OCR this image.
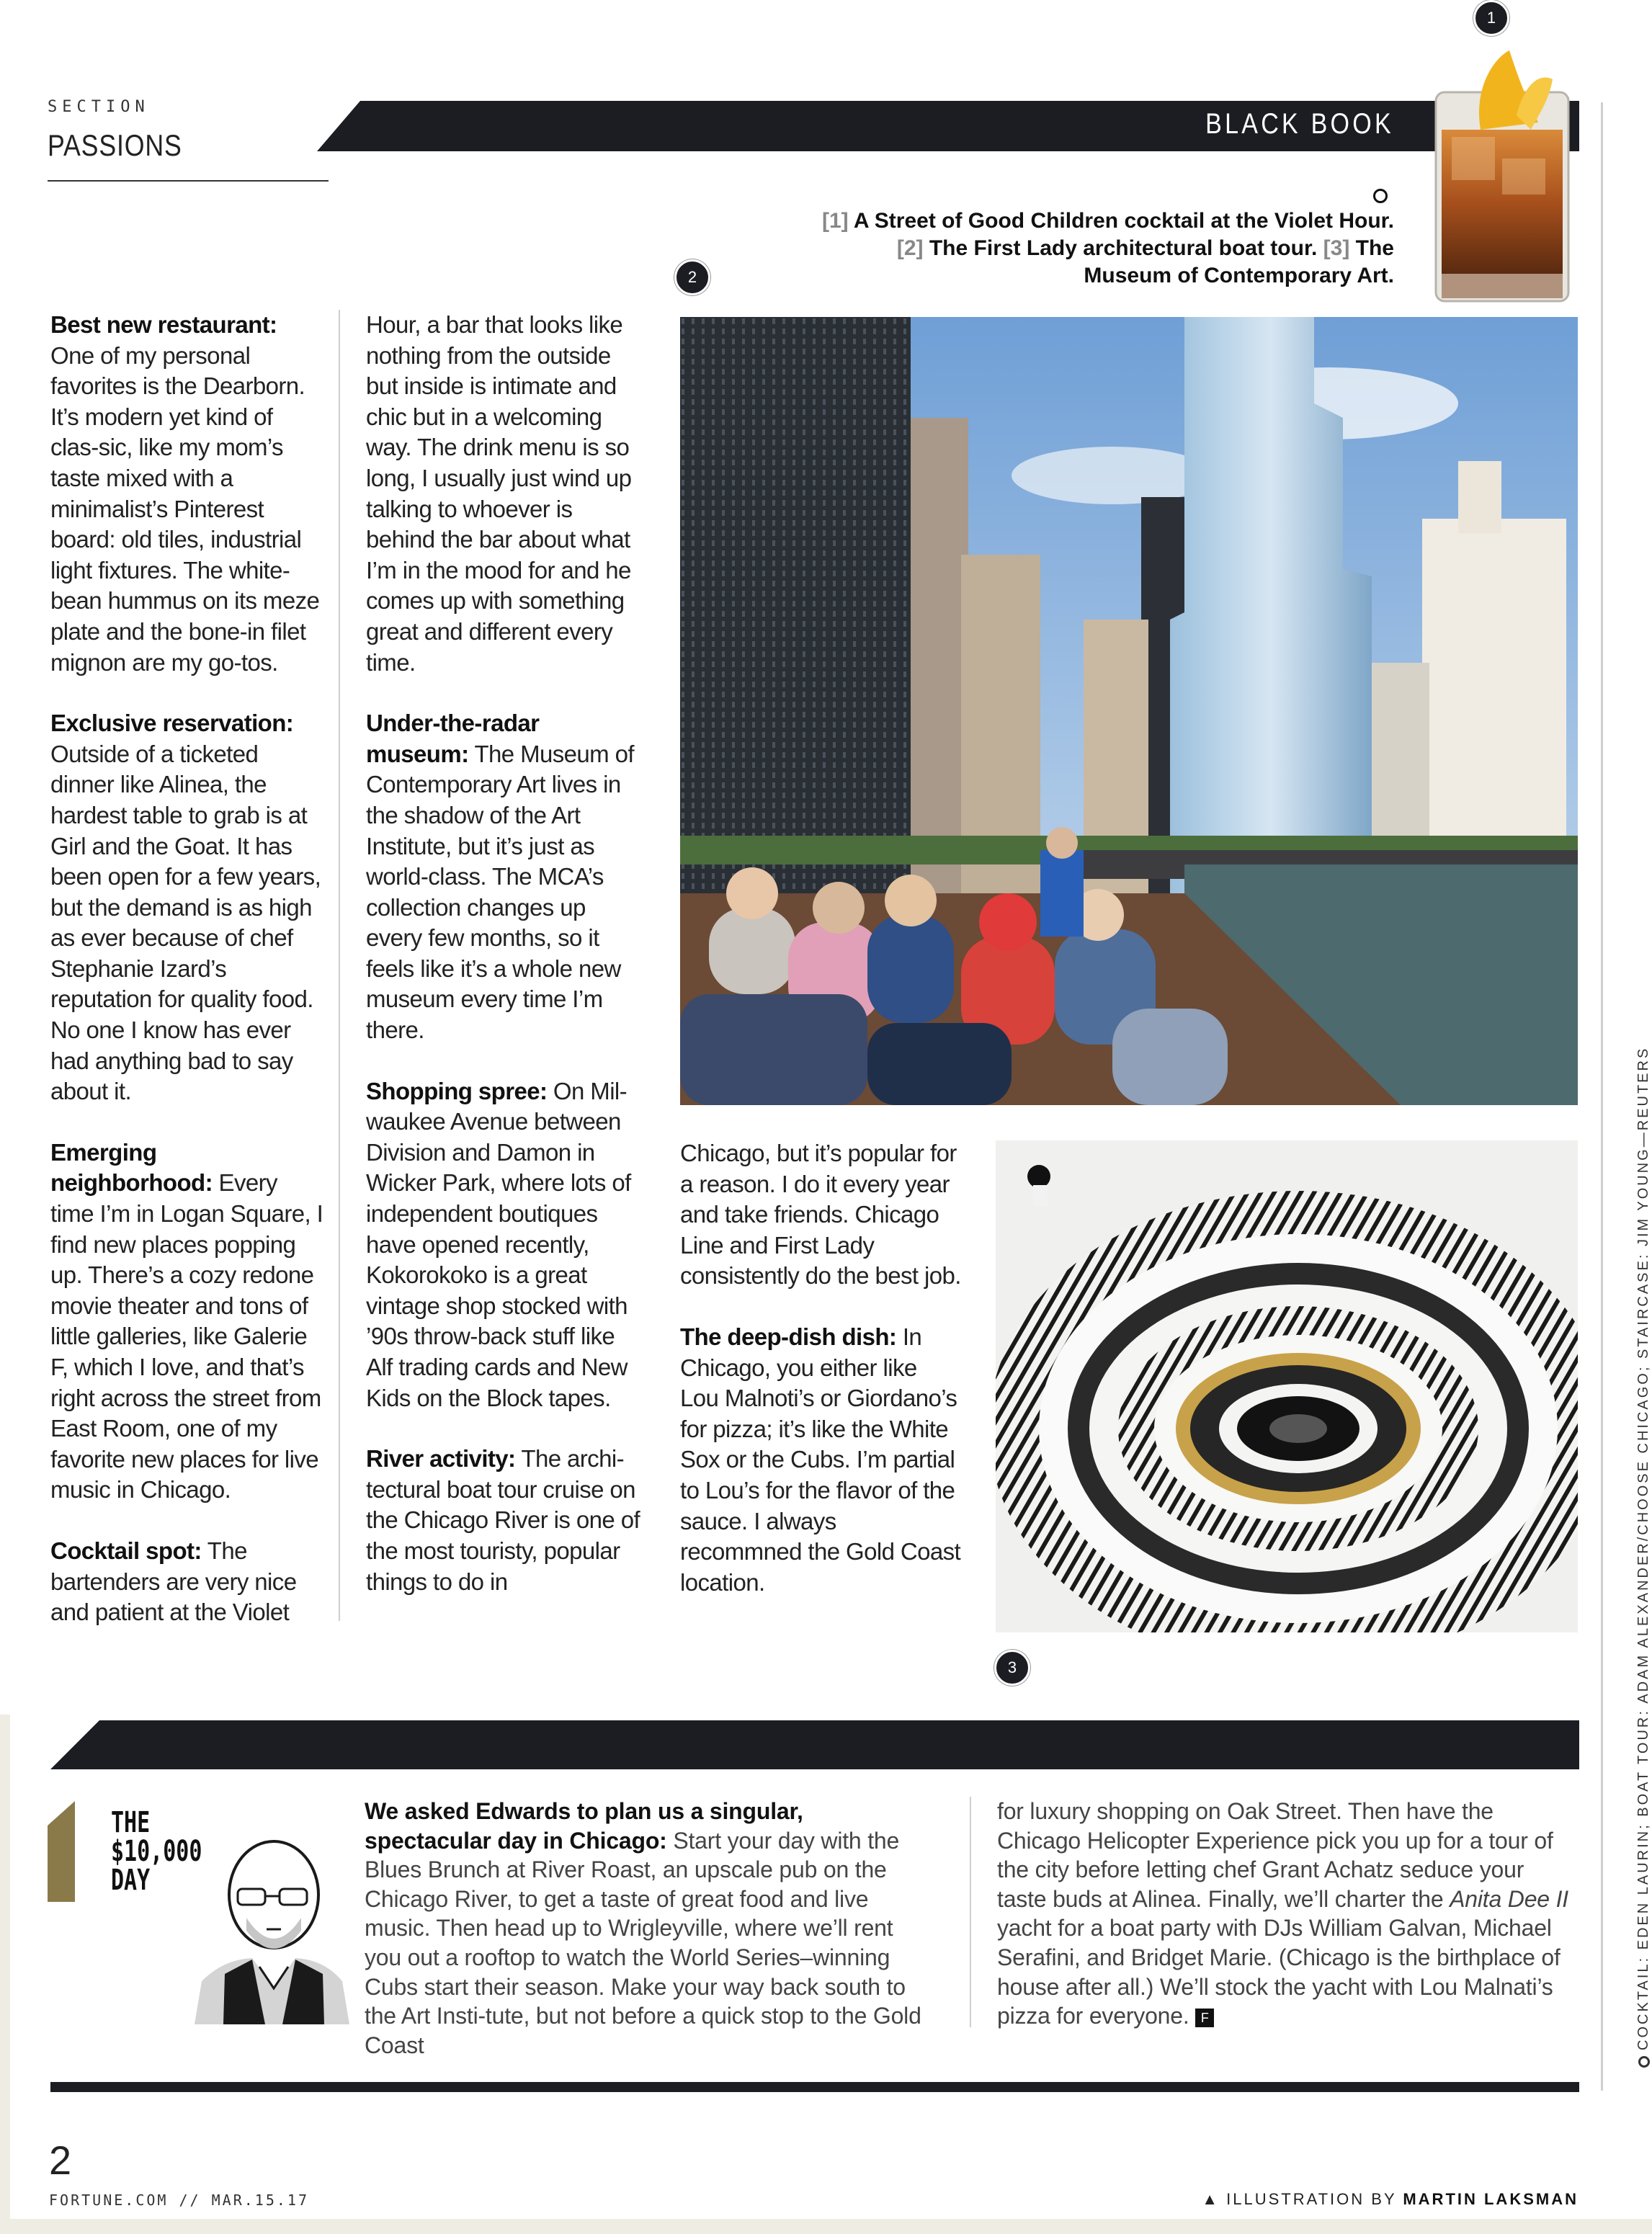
SECTION
PASSIONS
BLACK BOOK
1
[1] A Street of Good Children cocktail at the Violet Hour. [2] The First Lady architectural boat tour. [3] The Museum of Contemporary Art.
2

Best new restaurant: One of my personal favorites is the Dearborn. It’s modern yet kind of clas-sic, like my mom’s taste mixed with a minimalist’s Pinterest board: old tiles, industrial light fixtures. The white-bean hummus on its meze plate and the bone-in filet mignon are my go-tos.

Exclusive reservation: Outside of a ticketed dinner like Alinea, the hardest table to grab is at Girl and the Goat. It has been open for a few years, but the demand is as high as ever because of chef Stephanie Izard’s reputation for quality food. No one I know has ever had anything bad to say about it.

Emerging neighborhood: Every time I’m in Logan Square, I find new places popping up. There’s a cozy redone movie theater and tons of little galleries, like Galerie F, which I love, and that’s right across the street from East Room, one of my favorite new places for live music in Chicago.

Cocktail spot: The bartenders are very nice and patient at the Violet

Hour, a bar that looks like nothing from the outside but inside is intimate and chic but in a welcoming way. The drink menu is so long, I usually just wind up talking to whoever is behind the bar about what I’m in the mood for and he comes up with something great and different every time.

Under-the-radar museum: The Museum of Contemporary Art lives in the shadow of the Art Institute, but it’s just as world-class. The MCA’s collection changes up every few months, so it feels like it’s a whole new museum every time I’m there.

Shopping spree: On Mil-waukee Avenue between Division and Damon in Wicker Park, where lots of independent boutiques have opened recently, Kokorokoko is a great vintage shop stocked with ’90s throw-back stuff like Alf trading cards and New Kids on the Block tapes.

River activity: The archi-tectural boat tour cruise on the Chicago River is one of the most touristy, popular things to do in

Chicago, but it’s popular for a reason. I do it every year and take friends. Chicago Line and First Lady consistently do the best job.

The deep-dish dish: In Chicago, you either like Lou Malnoti’s or Giordano’s for pizza; it’s like the White Sox or the Cubs. I’m partial to Lou’s for the flavor of the sauce. I always recommned the Gold Coast location.

3
THE
$10,000
DAY
We asked Edwards to plan us a singular, spectacular day in Chicago: Start your day with the Blues Brunch at River Roast, an upscale pub on the Chicago River, to get a taste of great food and live music. Then head up to Wrigleyville, where we’ll rent you out a rooftop to watch the World Series–winning Cubs start their season. Make your way back south to the Art Insti-tute, but not before a quick stop to the Gold Coast
for luxury shopping on Oak Street. Then have the Chicago Helicopter Experience pick you up for a tour of the city before letting chef Grant Achatz seduce your taste buds at Alinea. Finally, we’ll charter the Anita Dee II yacht for a boat party with DJs William Galvan, Michael Serafini, and Bridget Marie. (Chicago is the birthplace of house after all.) We’ll stock the yacht with Lou Malnati’s pizza for everyone. F
2
FORTUNE.COM // MAR.15.17	▲ ILLUSTRATION BY MARTIN LAKSMAN
COCKTAIL: EDEN LAURIN; BOAT TOUR: ADAM ALEXANDER/CHOOSE CHICAGO; STAIRCASE: JIM YOUNG—REUTERS
